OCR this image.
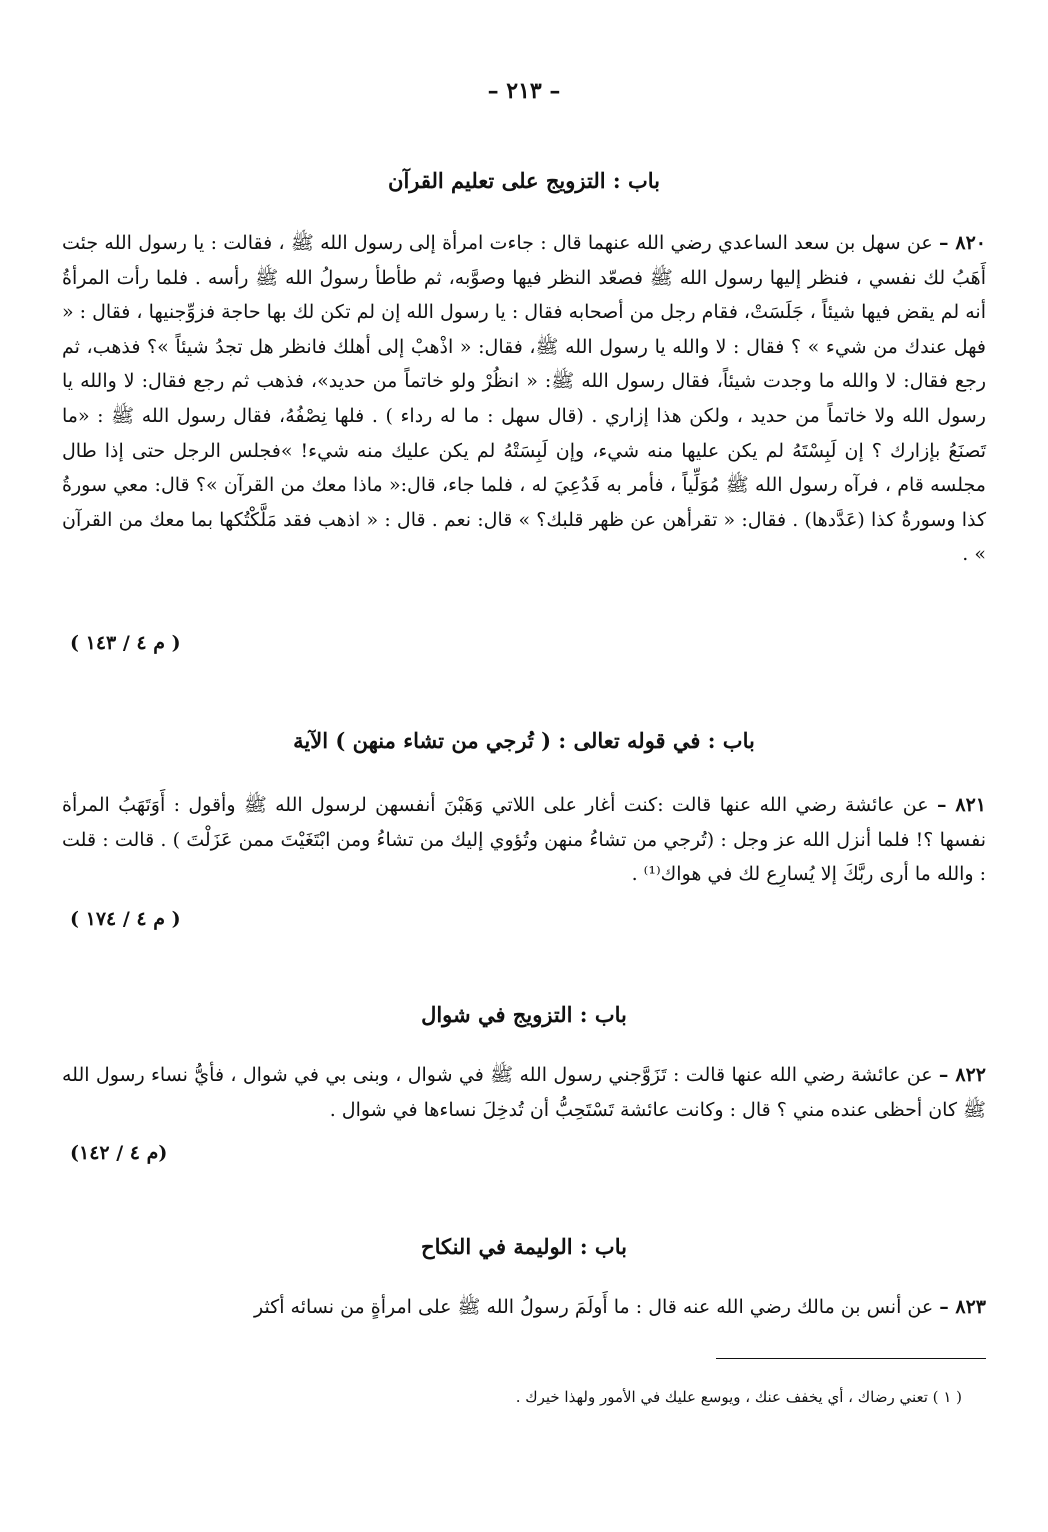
– ٢١٣ –
باب : التزويج على تعليم القرآن

٨٢٠ – عن سهل بن سعد الساعدي رضي الله عنهما قال : جاءت امرأة إلى رسول الله ﷺ ، فقالت : يا رسول الله جئت أَهَبُ لك نفسي ، فنظر إليها رسول الله ﷺ فصعّد النظر فيها وصوَّبه، ثم طأطأ رسولُ الله ﷺ رأسه . فلما رأت المرأةُ أنه لم يقض فيها شيئاً ، جَلَسَتْ، فقام رجل من أصحابه فقال : يا رسول الله إن لم تكن لك بها حاجة فزوِّجنيها ، فقال : « فهل عندك من شيء » ؟ فقال : لا والله يا رسول الله ﷺ، فقال: « اذْهبْ إلى أهلك فانظر هل تجدُ شيئاً »؟ فذهب، ثم رجع فقال: لا والله ما وجدت شيئاً، فقال رسول الله ﷺ: « انظُرْ ولو خاتماً من حديد»، فذهب ثم رجع فقال: لا والله يا رسول الله ولا خاتماً من حديد ، ولكن هذا إزاري . (قال سهل : ما له رداء ) . فلها نِصْفُهُ، فقال رسول الله ﷺ : «ما تَصنَعُ بإزارك ؟ إن لَبِسْتَهُ لم يكن عليها منه شيء، وإن لَبِسَتْهُ لم يكن عليك منه شيء! »فجلس الرجل حتى إذا طال مجلسه قام ، فرآه رسول الله ﷺ مُوَلِّياً ، فأمر به فَدُعِيَ له ، فلما جاء، قال:« ماذا معك من القرآن »؟ قال: معي سورةُ كذا وسورةُ كذا (عَدَّدها) . فقال: « تقرأهن عن ظهر قلبك؟ » قال: نعم . قال : « اذهب فقد مَلَّكْتُكها بما معك من القرآن » .

( م ٤ / ١٤٣ )
باب : في قوله تعالى : ( تُرجي من تشاء منهن ) الآية

٨٢١ – عن عائشة رضي الله عنها قالت :كنت أغار على اللاتي وَهَبْنَ أنفسهن لرسول الله ﷺ وأقول : أَوَتَهَبُ المرأة نفسها ؟! فلما أنزل الله عز وجل : (تُرجي من تشاءُ منهن وتُؤوي إليك من تشاءُ ومن ابْتَغَيْتَ ممن عَزَلْتَ ) . قالت : قلت : والله ما أرى ربَّكَ إلا يُسارِع لك في هواك⁽¹⁾ .

( م ٤ / ١٧٤ )
باب : التزويج في شوال

٨٢٢ – عن عائشة رضي الله عنها قالت : تَزَوَّجني رسول الله ﷺ في شوال ، وبنى بي في شوال ، فأيُّ نساء رسول الله ﷺ كان أحظى عنده مني ؟ قال : وكانت عائشة تَسْتَحِبُّ أن تُدخِلَ نساءها في شوال .

(م ٤ / ١٤٢)
باب : الوليمة في النكاح

٨٢٣ – عن أنس بن مالك رضي الله عنه قال : ما أَولَمَ رسولُ الله ﷺ على امرأةٍ من نسائه أكثر

( ١ ) تعني رضاك ، أي يخفف عنك ، ويوسع عليك في الأمور ولهذا خيرك .
